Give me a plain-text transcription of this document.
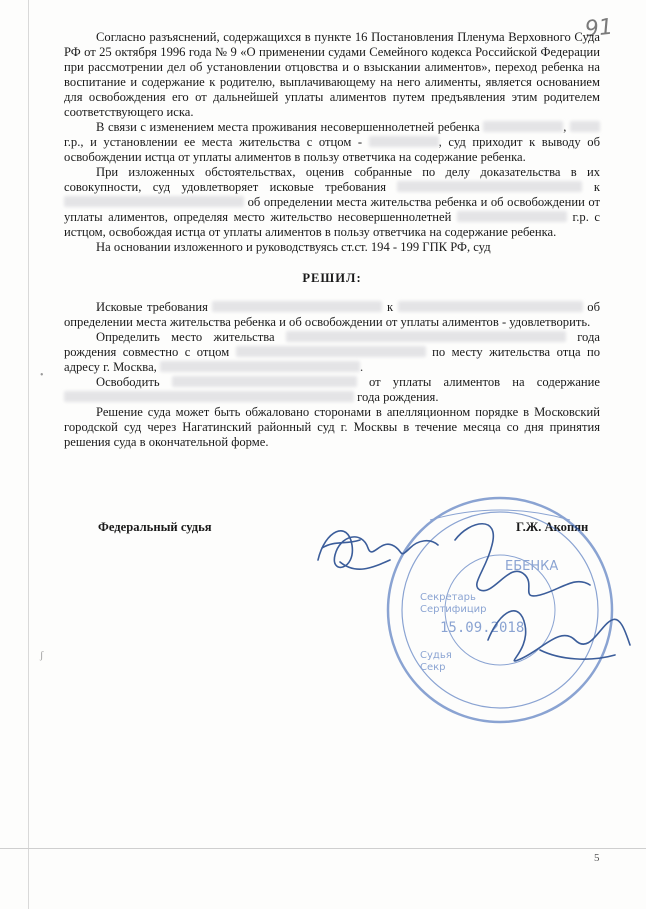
91
•
ʃ

Согласно разъяснений, содержащихся в пункте 16 Постановления Пленума Верховного Суда РФ от 25 октября 1996 года № 9 «О применении судами Семейного кодекса Российской Федерации при рассмотрении дел об установлении отцовства и о взыскании алиментов», переход ребенка на воспитание и содержание к родителю, выплачивающему на него алименты, является основанием для освобождения его от дальнейшей уплаты алиментов путем предъявления этим родителем соответствующего иска.

В связи с изменением места проживания несовершеннолетней ребенка	,  г.р., и установлении ее места жительства с отцом -	, суд приходит к выводу об освобождении истца от уплаты алиментов в пользу ответчика на содержание ребенка.

При изложенных обстоятельствах, оценив собранные по делу доказательства в их совокупности, суд удовлетворяет исковые требования	к  об определении места жительства ребенка и об освобождении от уплаты алиментов, определяя место жительство несовершеннолетней	г.р. с истцом, освобождая истца от уплаты алиментов в пользу ответчика на содержание ребенка.

На основании изложенного и руководствуясь ст.ст. 194 - 199 ГПК РФ, суд

РЕШИЛ:

Исковые требования	к	об определении места жительства ребенка и об освобождении от уплаты алиментов - удовлетворить.

Определить место жительства	года рождения совместно с отцом	по месту жительства отца по адресу г. Москва,	.

Освободить	от уплаты алиментов на содержание  года рождения.

Решение суда может быть обжаловано сторонами в апелляционном порядке в Московский городской суд через Нагатинский районный суд г. Москвы в течение месяца со дня принятия решения суда в окончательной форме.

Федеральный судья	Г.Ж. Акопян
ЕБЕНКА
Секретарь
Сертифицир
15.09.2018
Судья
Секр
5
